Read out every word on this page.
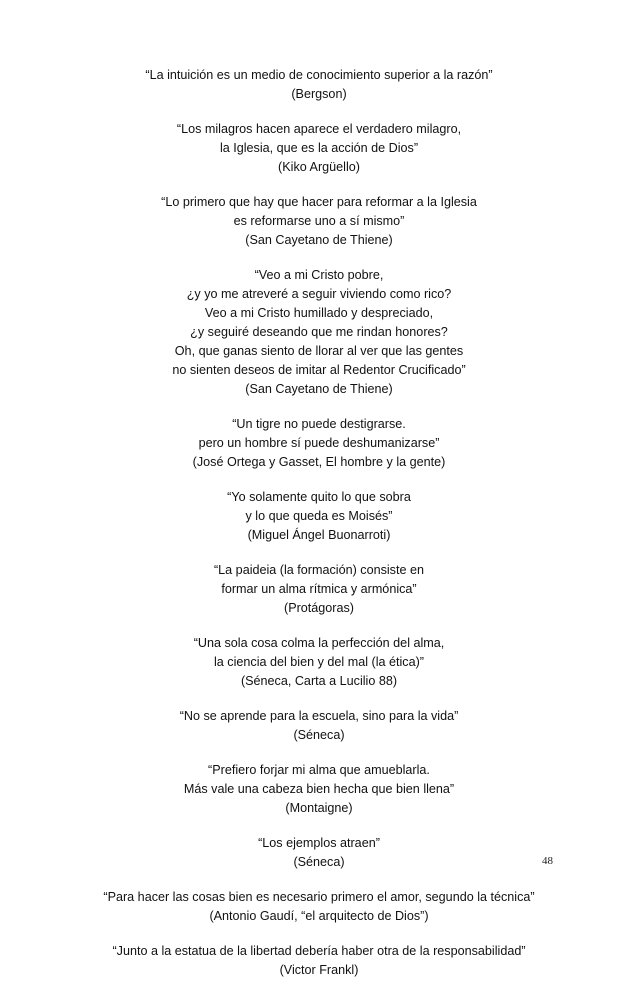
“La intuición es un medio de conocimiento superior a la razón”
(Bergson)
“Los milagros hacen aparece el verdadero milagro,
la Iglesia, que es la acción de Dios”
(Kiko Argüello)
“Lo primero que hay que hacer para reformar a la Iglesia
es reformarse uno a sí mismo”
(San Cayetano de Thiene)
“Veo a mi Cristo pobre,
¿y yo me atreveré a seguir viviendo como rico?
Veo a mi Cristo humillado y despreciado,
¿y seguiré deseando que me rindan honores?
Oh, que ganas siento de llorar al ver que las gentes
no sienten deseos de imitar al Redentor Crucificado”
(San Cayetano de Thiene)
“Un tigre no puede destigrarse.
pero un hombre sí puede deshumanizarse”
(José Ortega y Gasset, El hombre y la gente)
“Yo solamente quito lo que sobra
y lo que queda es Moisés”
(Miguel Ángel Buonarroti)
“La paideia (la formación) consiste en
formar un alma rítmica y armónica”
(Protágoras)
“Una sola cosa colma la perfección del alma,
la ciencia del bien y del mal (la ética)”
(Séneca, Carta a Lucilio 88)
“No se aprende para la escuela, sino para la vida”
(Séneca)
“Prefiero forjar mi alma que amueblarla.
Más vale una cabeza bien hecha que bien llena”
(Montaigne)
“Los ejemplos atraen”
(Séneca)
“Para hacer las cosas bien es necesario primero el amor, segundo la técnica”
(Antonio Gaudí, “el arquitecto de Dios”)
“Junto a la estatua de la libertad debería haber otra de la responsabilidad”
(Victor Frankl)
48
